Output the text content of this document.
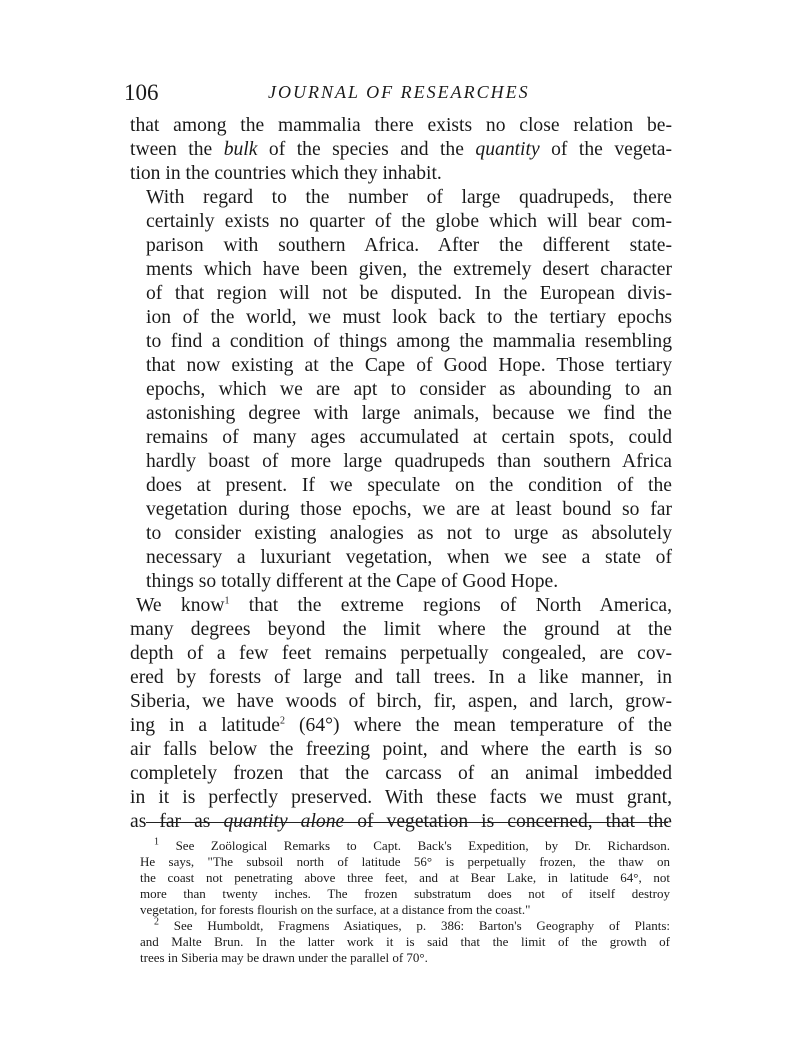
106	JOURNAL OF RESEARCHES

that among the mammalia there exists no close relation be-
tween the bulk of the species and the quantity of the vegeta-
tion in the countries which they inhabit.

With regard to the number of large quadrupeds, there
certainly exists no quarter of the globe which will bear com-
parison with southern Africa. After the different state-
ments which have been given, the extremely desert character
of that region will not be disputed. In the European divis-
ion of the world, we must look back to the tertiary epochs
to find a condition of things among the mammalia resembling
that now existing at the Cape of Good Hope. Those tertiary
epochs, which we are apt to consider as abounding to an
astonishing degree with large animals, because we find the
remains of many ages accumulated at certain spots, could
hardly boast of more large quadrupeds than southern Africa
does at present. If we speculate on the condition of the
vegetation during those epochs, we are at least bound so far
to consider existing analogies as not to urge as absolutely
necessary a luxuriant vegetation, when we see a state of
things so totally different at the Cape of Good Hope.

We know$^1$ that the extreme regions of North America,
many degrees beyond the limit where the ground at the
depth of a few feet remains perpetually congealed, are cov-
ered by forests of large and tall trees. In a like manner, in
Siberia, we have woods of birch, fir, aspen, and larch, grow-
ing in a latitude$^2$ (64°) where the mean temperature of the
air falls below the freezing point, and where the earth is so
completely frozen that the carcass of an animal imbedded
in it is perfectly preserved. With these facts we must grant,
as far as quantity alone of vegetation is concerned, that the

$^1$ See Zoölogical Remarks to Capt. Back's Expedition, by Dr. Richardson.
He says, "The subsoil north of latitude 56° is perpetually frozen, the thaw on
the coast not penetrating above three feet, and at Bear Lake, in latitude 64°, not
more than twenty inches. The frozen substratum does not of itself destroy
vegetation, for forests flourish on the surface, at a distance from the coast."

$^2$ See Humboldt, Fragmens Asiatiques, p. 386: Barton's Geography of Plants:
and Malte Brun. In the latter work it is said that the limit of the growth of
trees in Siberia may be drawn under the parallel of 70°.
